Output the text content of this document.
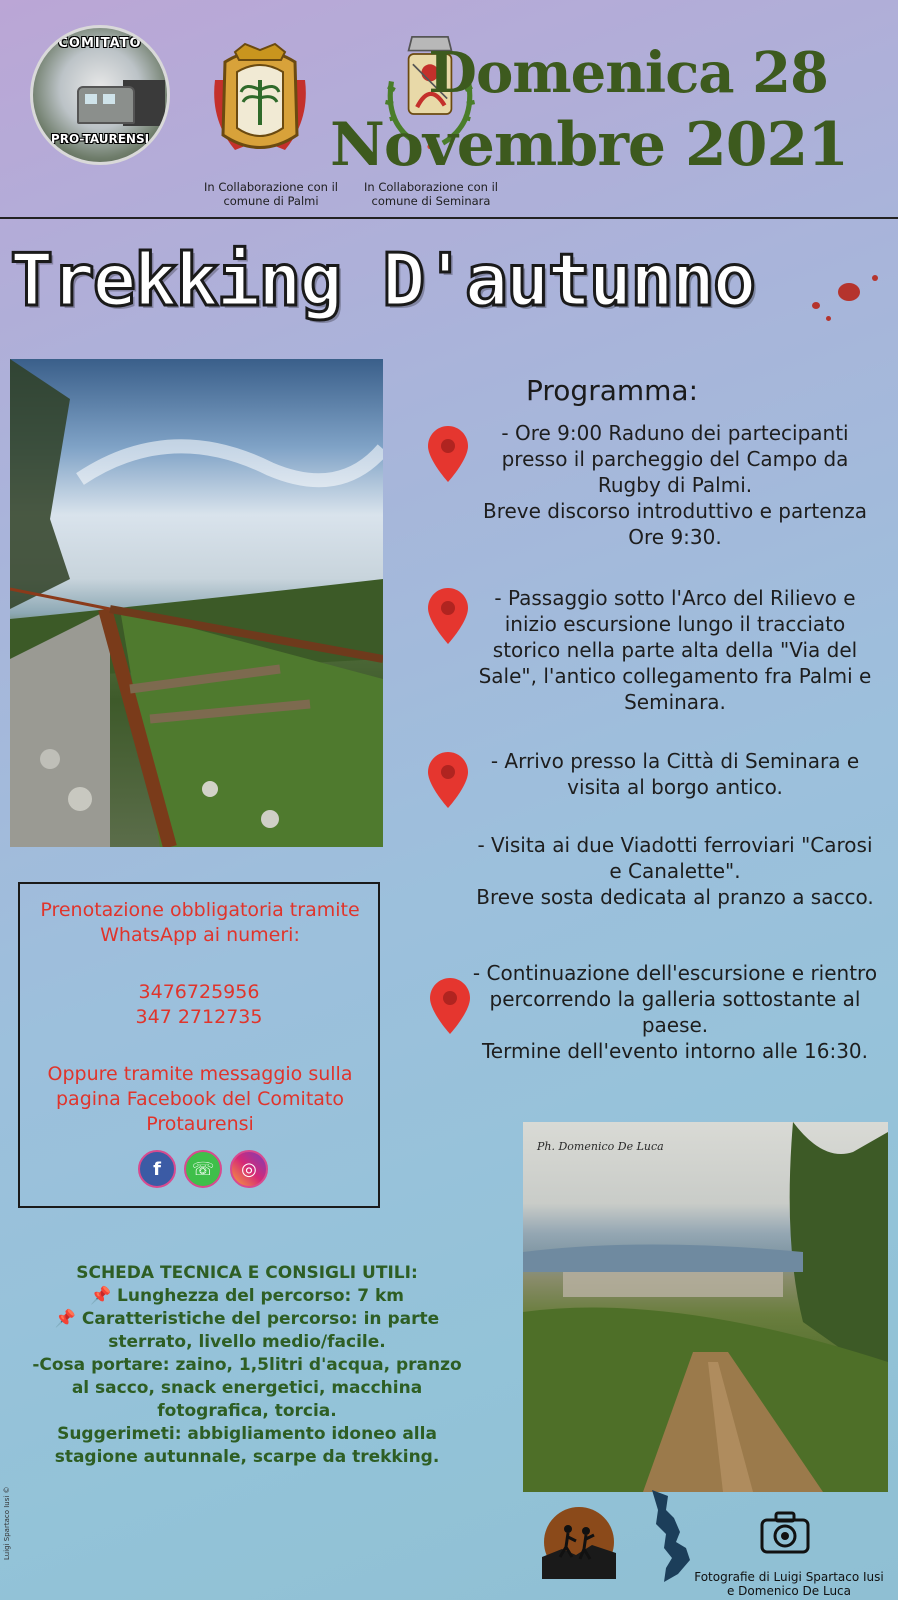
COMITATO
PRO-TAURENSI
In Collaborazione con il comune di Palmi
In Collaborazione con il comune di Seminara
Domenica 28
Novembre 2021
Trekking D'autunno
Programma:
- Ore 9:00 Raduno dei partecipanti presso il parcheggio del Campo da Rugby di Palmi.
Breve discorso introduttivo e partenza Ore 9:30.
- Passaggio sotto l'Arco del Rilievo e inizio escursione lungo il tracciato storico nella parte alta della "Via del Sale", l'antico collegamento fra Palmi e Seminara.
- Arrivo presso la Città di Seminara e visita al borgo antico.
- Visita ai due Viadotti ferroviari "Carosi e Canalette".
Breve sosta dedicata al pranzo a sacco.
- Continuazione dell'escursione e rientro percorrendo la galleria sottostante al paese.
Termine dell'evento intorno alle 16:30.
Prenotazione obbligatoria tramite WhatsApp ai numeri:
3476725956
347 2712735
Oppure tramite messaggio sulla pagina Facebook del Comitato Protaurensi
f	☏	◎
SCHEDA TECNICA E CONSIGLI UTILI:
📌 Lunghezza del percorso: 7 km
📌 Caratteristiche del percorso: in parte sterrato, livello medio/facile.
-Cosa portare: zaino, 1,5litri d'acqua, pranzo al sacco, snack energetici, macchina fotografica, torcia.
Suggerimeti: abbigliamento idoneo alla stagione autunnale, scarpe da trekking.
Ph. Domenico De Luca
Fotografie di Luigi Spartaco Iusi e Domenico De Luca
Luigi Spartaco Iusi ©
